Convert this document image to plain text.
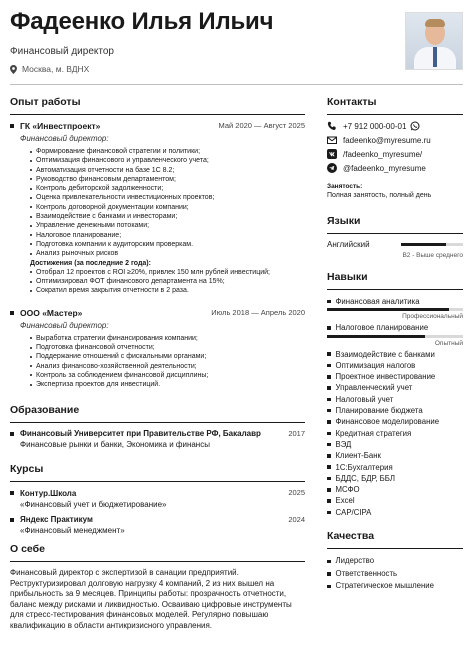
Фадеенко Илья Ильич
Финансовый директор
Москва, м. ВДНХ
Опыт работы
ГК «Инвестпроект»	Май 2020 — Август 2025
Финансовый директор:
Формирование финансовой стратегии и политики;
Оптимизация финансового и управленческого учета;
Автоматизация отчетности на базе 1С 8.2;
Руководство финансовым департаментом;
Контроль дебиторской задолженности;
Оценка привлекательности инвестиционных проектов;
Контроль договорной документации компании;
Взаимодействие с банками и инвесторами;
Управление денежными потоками;
Налоговое планирование;
Подготовка компании к аудиторским проверкам.
Анализ рыночных рисков
Достижения (за последние 2 года):
Отобрал 12 проектов с ROI ≥20%, привлек 150 млн рублей инвестиций;
Оптимизировал ФОТ финансового департамента на 15%;
Сократил время закрытия отчетности в 2 раза.
ООО «Мастер»	Июль 2018 — Апрель 2020
Финансовый директор:
Выработка стратегии финансирования компании;
Подготовка финансовой отчетности;
Поддержание отношений с фискальными органами;
Анализ финансово-хозяйственной деятельности;
Контроль за соблюдением финансовой дисциплины;
Экспертиза проектов для инвестиций.
Образование
Финансовый Университет при Правительстве РФ, Бакалавр	2017
Финансовые рынки и банки, Экономика и финансы
Курсы
Контур.Школа	2025
«Финансовый учет и бюджетирование»
Яндекс Практикум	2024
«Финансовый менеджмент»
О себе
Финансовый директор с экспертизой в санации предприятий. Реструктуризировал долговую нагрузку 4 компаний, 2 из них вышел на прибыльность за 9 месяцев. Принципы работы: прозрачность отчетности, баланс между рисками и ликвидностью. Осваиваю цифровые инструменты для стресс-тестирования финансовых моделей. Регулярно повышаю квалификацию в области антикризисного управления.
Контакты
+7 912 000-00-01
fadeenko@myresume.ru
/fadeenko_myresume/
@fadeenko_myresume
Занятость:
Полная занятость, полный день
Языки
Английский
B2 - Выше среднего
Навыки
Финансовая аналитика
Профессиональный
Налоговое планирование
Опытный
Взаимодействие с банками
Оптимизация налогов
Проектное инвестирование
Управленческий учет
Налоговый учет
Планирование бюджета
Финансовое моделирование
Кредитная стратегия
ВЭД
Клиент-Банк
1С:Бухгалтерия
БДДС, БДР, ББЛ
МСФО
Excel
CAP/CIPA
Качества
Лидерство
Ответственность
Стратегическое мышление
